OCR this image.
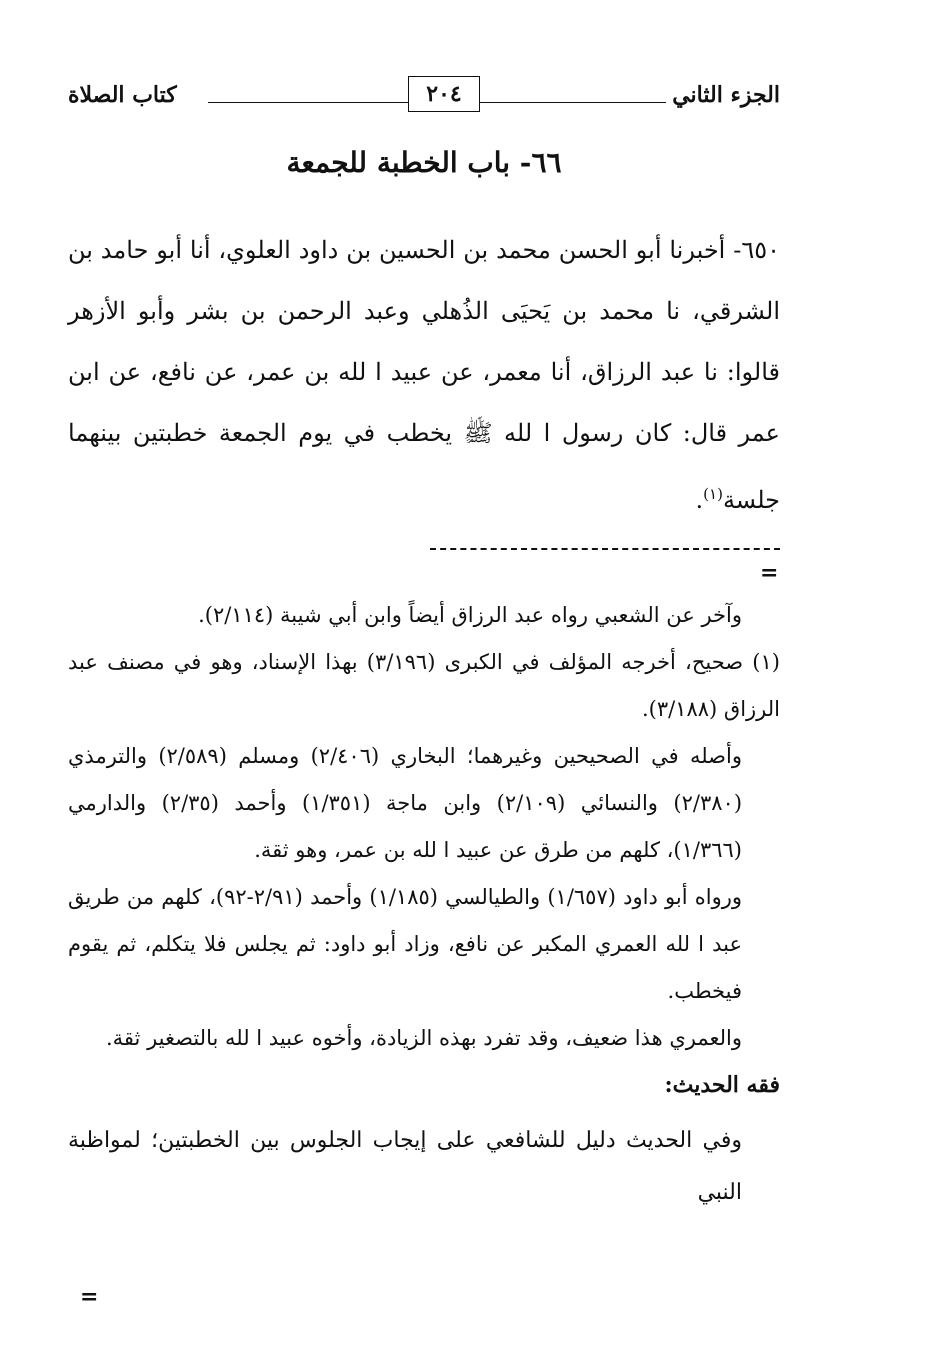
الجزء الثاني
كتاب الصلاة	٢٠٤
٦٦- باب الخطبة للجمعة

٦٥٠- أخبرنا أبو الحسن محمد بن الحسين بن داود العلوي، أنا أبو حامد بن الشرقي، نا محمد بن يَحيَى الذُهلي وعبد الرحمن بن بشر وأبو الأزهر قالوا: نا عبد الرزاق، أنا معمر، عن عبيد ا لله بن عمر، عن نافع، عن ابن عمر قال: كان رسول ا لله ﷺ يخطب في يوم الجمعة خطبتين بينهما جلسة$^{(١)}$.

=

وآخر عن الشعبي رواه عبد الرزاق أيضاً وابن أبي شيبة (٢/١١٤).

(١) صحيح، أخرجه المؤلف في الكبرى (٣/١٩٦) بهذا الإسناد، وهو في مصنف عبد الرزاق (٣/١٨٨).

وأصله في الصحيحين وغيرهما؛ البخاري (٢/٤٠٦) ومسلم (٢/٥٨٩) والترمذي (٢/٣٨٠) والنسائي (٢/١٠٩) وابن ماجة (١/٣٥١) وأحمد (٢/٣٥) والدارمي (١/٣٦٦)، كلهم من طرق عن عبيد ا لله بن عمر، وهو ثقة.

ورواه أبو داود (١/٦٥٧) والطيالسي (١/١٨٥) وأحمد (٢/٩١-٩٢)، كلهم من طريق عبد ا لله العمري المكبر عن نافع، وزاد أبو داود: ثم يجلس فلا يتكلم، ثم يقوم فيخطب.

والعمري هذا ضعيف، وقد تفرد بهذه الزيادة، وأخوه عبيد ا لله بالتصغير ثقة.

فقه الحديث:

وفي الحديث دليل للشافعي على إيجاب الجلوس بين الخطبتين؛ لمواظبة النبي

=
